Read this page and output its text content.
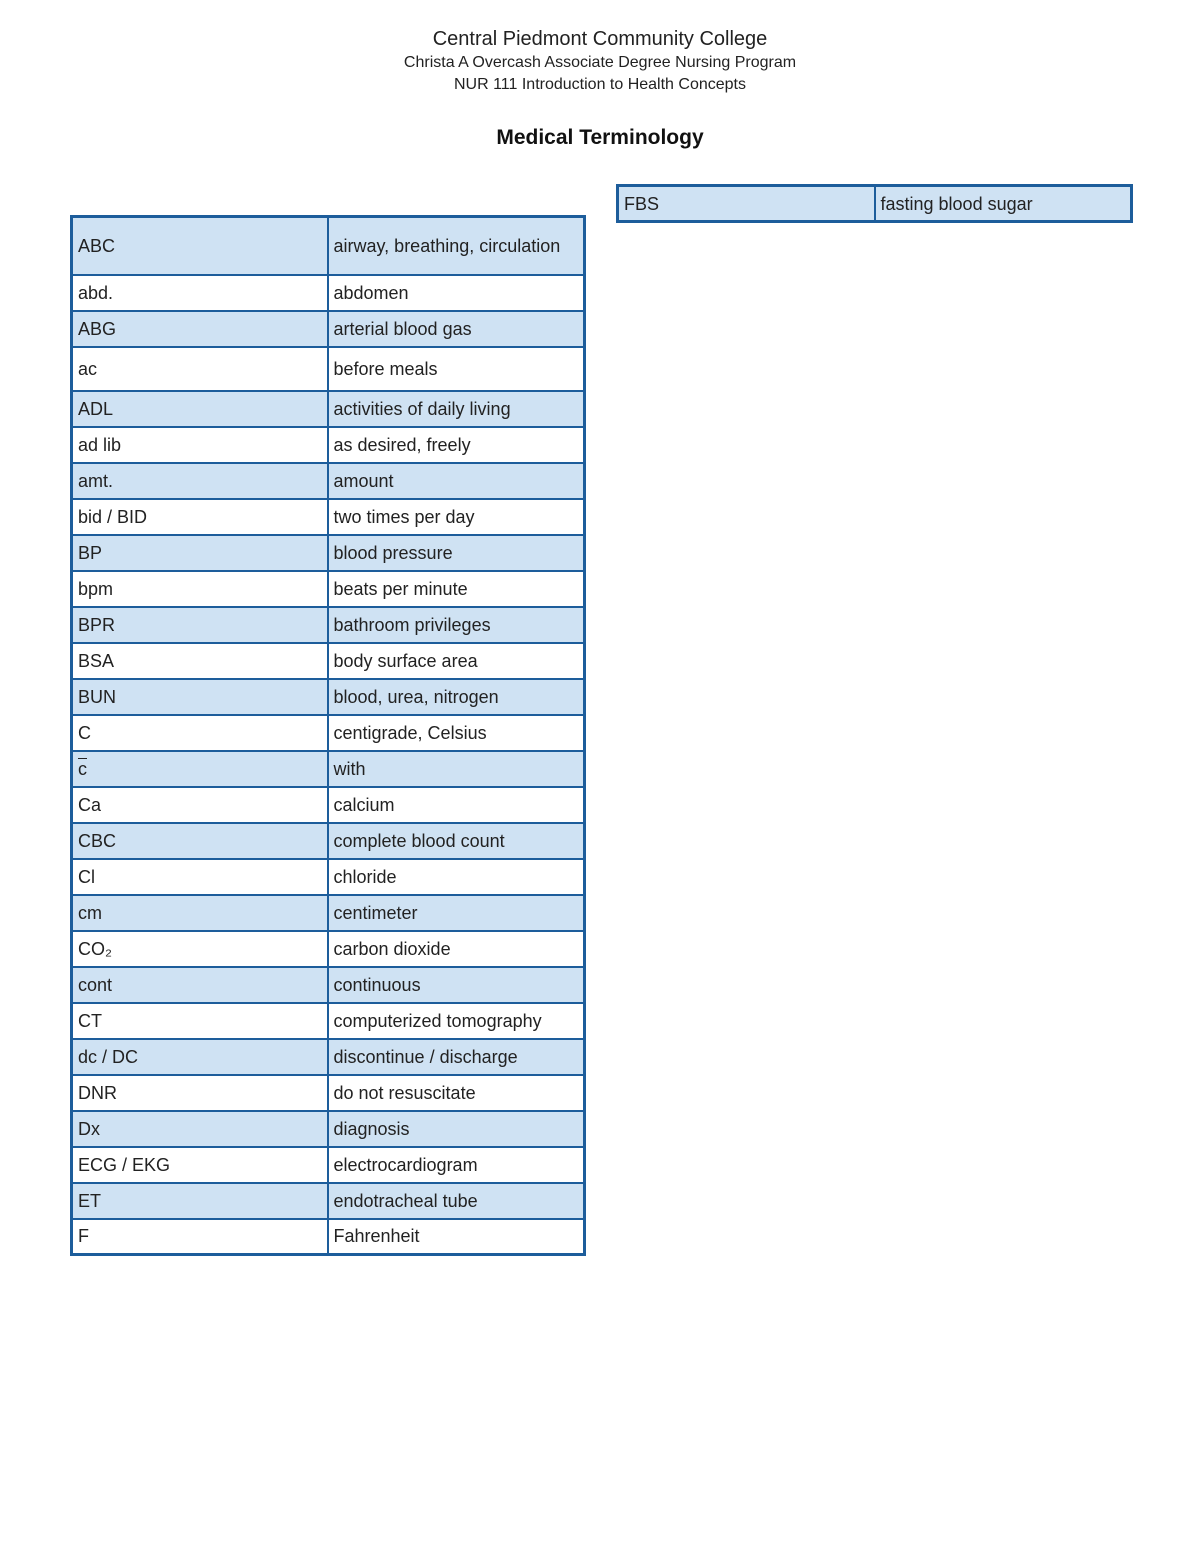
Central Piedmont Community College
Christa A Overcash Associate Degree Nursing Program
NUR 111 Introduction to Health Concepts
Medical Terminology
ABC	airway, breathing, circulation
abd.	abdomen
ABG	arterial blood gas
ac	before meals
ADL	activities of daily living
ad lib	as desired, freely
amt.	amount
bid / BID	two times per day
BP	blood pressure
bpm	beats per minute
BPR	bathroom privileges
BSA	body surface area
BUN	blood, urea, nitrogen
C	centigrade, Celsius
$\overline{c}$	with
Ca	calcium
CBC	complete blood count
Cl	chloride
cm	centimeter
CO₂	carbon dioxide
cont	continuous
CT	computerized tomography
dc / DC	discontinue / discharge
DNR	do not resuscitate
Dx	diagnosis
ECG / EKG	electrocardiogram
ET	endotracheal tube
F	Fahrenheit
FBS	fasting blood sugar
